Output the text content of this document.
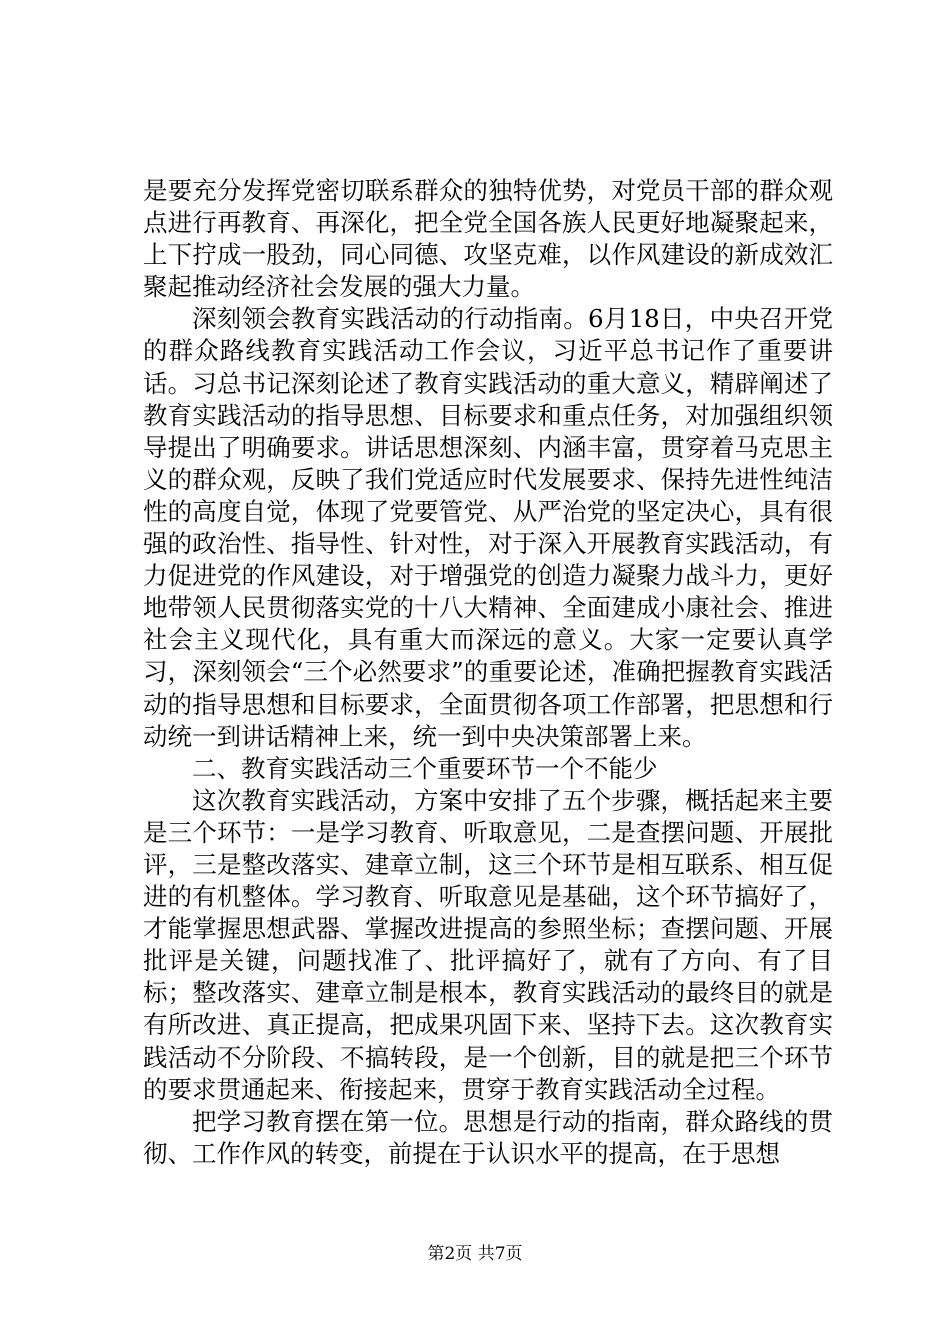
是要充分发挥党密切联系群众的独特优势，对党员干部的群众观点进行再教育、再深化，把全党全国各族人民更好地凝聚起来，上下拧成一股劲，同心同德、攻坚克难，以作风建设的新成效汇聚起推动经济社会发展的强大力量。

深刻领会教育实践活动的行动指南。6月18日，中央召开党的群众路线教育实践活动工作会议，习近平总书记作了重要讲话。习总书记深刻论述了教育实践活动的重大意义，精辟阐述了教育实践活动的指导思想、目标要求和重点任务，对加强组织领导提出了明确要求。讲话思想深刻、内涵丰富，贯穿着马克思主义的群众观，反映了我们党适应时代发展要求、保持先进性纯洁性的高度自觉，体现了党要管党、从严治党的坚定决心，具有很强的政治性、指导性、针对性，对于深入开展教育实践活动，有力促进党的作风建设，对于增强党的创造力凝聚力战斗力，更好地带领人民贯彻落实党的十八大精神、全面建成小康社会、推进社会主义现代化，具有重大而深远的意义。大家一定要认真学习，深刻领会“三个必然要求”的重要论述，准确把握教育实践活动的指导思想和目标要求，全面贯彻各项工作部署，把思想和行动统一到讲话精神上来，统一到中央决策部署上来。

二、教育实践活动三个重要环节一个不能少

这次教育实践活动，方案中安排了五个步骤，概括起来主要是三个环节：一是学习教育、听取意见，二是查摆问题、开展批评，三是整改落实、建章立制，这三个环节是相互联系、相互促进的有机整体。学习教育、听取意见是基础，这个环节搞好了，才能掌握思想武器、掌握改进提高的参照坐标；查摆问题、开展批评是关键，问题找准了、批评搞好了，就有了方向、有了目标；整改落实、建章立制是根本，教育实践活动的最终目的就是有所改进、真正提高，把成果巩固下来、坚持下去。这次教育实践活动不分阶段、不搞转段，是一个创新，目的就是把三个环节的要求贯通起来、衔接起来，贯穿于教育实践活动全过程。

把学习教育摆在第一位。思想是行动的指南，群众路线的贯彻、工作作风的转变，前提在于认识水平的提高，在于思想

第2页 共7页
